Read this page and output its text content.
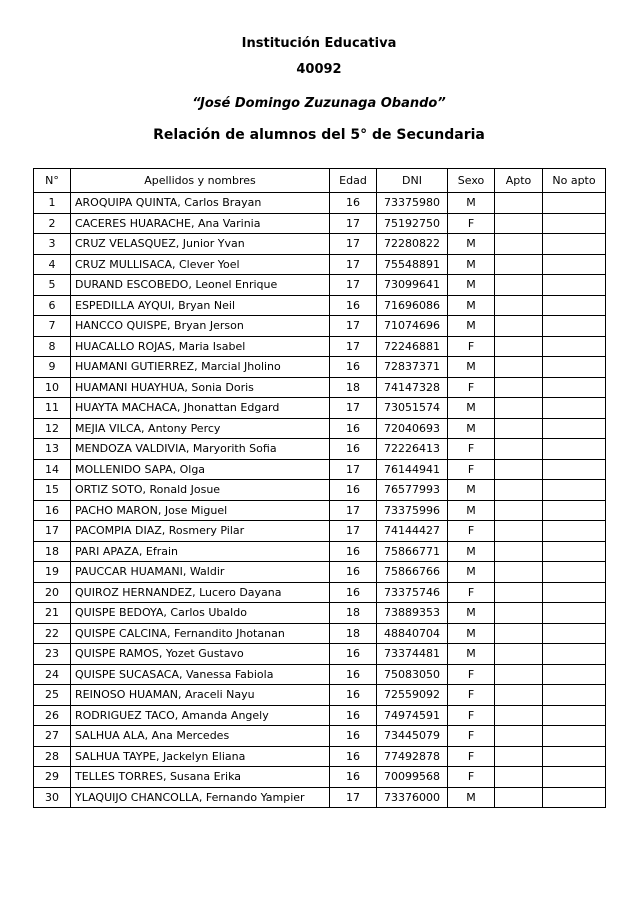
Institución Educativa
40092
“José Domingo Zuzunaga Obando”
Relación de alumnos del 5° de Secundaria
N°	Apellidos y nombres	Edad	DNI	Sexo	Apto	No apto
1	AROQUIPA QUINTA, Carlos Brayan	16	73375980	M		
2	CACERES HUARACHE, Ana Varinia	17	75192750	F		
3	CRUZ VELASQUEZ, Junior Yvan	17	72280822	M		
4	CRUZ MULLISACA, Clever Yoel	17	75548891	M		
5	DURAND ESCOBEDO, Leonel Enrique	17	73099641	M		
6	ESPEDILLA AYQUI, Bryan Neil	16	71696086	M		
7	HANCCO QUISPE, Bryan Jerson	17	71074696	M		
8	HUACALLO ROJAS, Maria Isabel	17	72246881	F		
9	HUAMANI GUTIERREZ, Marcial Jholino	16	72837371	M		
10	HUAMANI HUAYHUA, Sonia Doris	18	74147328	F		
11	HUAYTA MACHACA, Jhonattan Edgard	17	73051574	M		
12	MEJIA VILCA, Antony Percy	16	72040693	M		
13	MENDOZA VALDIVIA, Maryorith Sofia	16	72226413	F		
14	MOLLENIDO SAPA, Olga	17	76144941	F		
15	ORTIZ SOTO, Ronald Josue	16	76577993	M		
16	PACHO MARON, Jose Miguel	17	73375996	M		
17	PACOMPIA DIAZ, Rosmery Pilar	17	74144427	F		
18	PARI APAZA, Efrain	16	75866771	M		
19	PAUCCAR HUAMANI, Waldir	16	75866766	M		
20	QUIROZ HERNANDEZ, Lucero Dayana	16	73375746	F		
21	QUISPE BEDOYA, Carlos Ubaldo	18	73889353	M		
22	QUISPE CALCINA, Fernandito Jhotanan	18	48840704	M		
23	QUISPE RAMOS, Yozet Gustavo	16	73374481	M		
24	QUISPE SUCASACA, Vanessa Fabiola	16	75083050	F		
25	REINOSO HUAMAN, Araceli Nayu	16	72559092	F		
26	RODRIGUEZ TACO, Amanda Angely	16	74974591	F		
27	SALHUA ALA, Ana Mercedes	16	73445079	F		
28	SALHUA TAYPE, Jackelyn Eliana	16	77492878	F		
29	TELLES TORRES, Susana Erika	16	70099568	F		
30	YLAQUIJO CHANCOLLA, Fernando Yampier	17	73376000	M		
